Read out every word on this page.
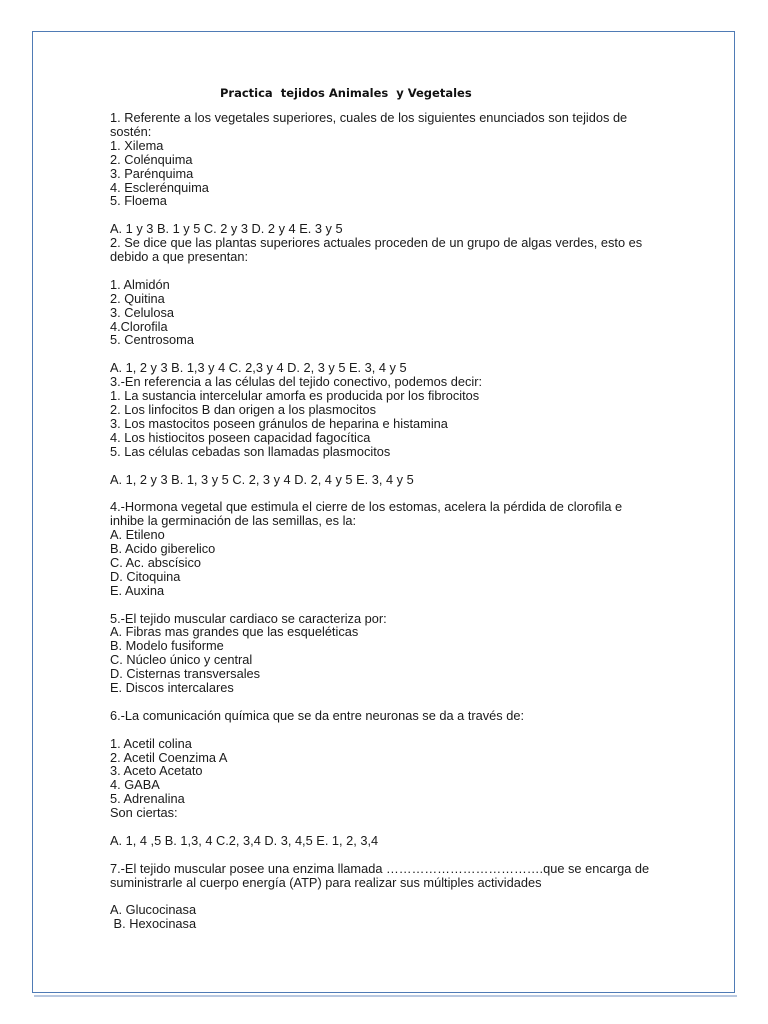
Practica  tejidos Animales  y Vegetales
1. Referente a los vegetales superiores, cuales de los siguientes enunciados son tejidos de
sostén:
1. Xilema
2. Colénquima
3. Parénquima
4. Esclerénquima
5. Floema
A. 1 y 3 B. 1 y 5 C. 2 y 3 D. 2 y 4 E. 3 y 5
2. Se dice que las plantas superiores actuales proceden de un grupo de algas verdes, esto es
debido a que presentan:
1. Almidón
2. Quitina
3. Celulosa
4.Clorofila
5. Centrosoma
A. 1, 2 y 3 B. 1,3 y 4 C. 2,3 y 4 D. 2, 3 y 5 E. 3, 4 y 5
3.-En referencia a las células del tejido conectivo, podemos decir:
1. La sustancia intercelular amorfa es producida por los fibrocitos
2. Los linfocitos B dan origen a los plasmocitos
3. Los mastocitos poseen gránulos de heparina e histamina
4. Los histiocitos poseen capacidad fagocítica
5. Las células cebadas son llamadas plasmocitos
A. 1, 2 y 3 B. 1, 3 y 5 C. 2, 3 y 4 D. 2, 4 y 5 E. 3, 4 y 5
4.-Hormona vegetal que estimula el cierre de los estomas, acelera la pérdida de clorofila e
inhibe la germinación de las semillas, es la:
A. Etileno
B. Acido giberelico
C. Ac. abscísico
D. Citoquina
E. Auxina
5.-El tejido muscular cardiaco se caracteriza por:
A. Fibras mas grandes que las esqueléticas
B. Modelo fusiforme
C. Núcleo único y central
D. Cisternas transversales
E. Discos intercalares
6.-La comunicación química que se da entre neuronas se da a través de:
1. Acetil colina
2. Acetil Coenzima A
3. Aceto Acetato
4. GABA
5. Adrenalina
Son ciertas:
A. 1, 4 ,5 B. 1,3, 4 C.2, 3,4 D. 3, 4,5 E. 1, 2, 3,4
7.-El tejido muscular posee una enzima llamada ……………………………….que se encarga de
suministrarle al cuerpo energía (ATP) para realizar sus múltiples actividades
A. Glucocinasa
B. Hexocinasa
